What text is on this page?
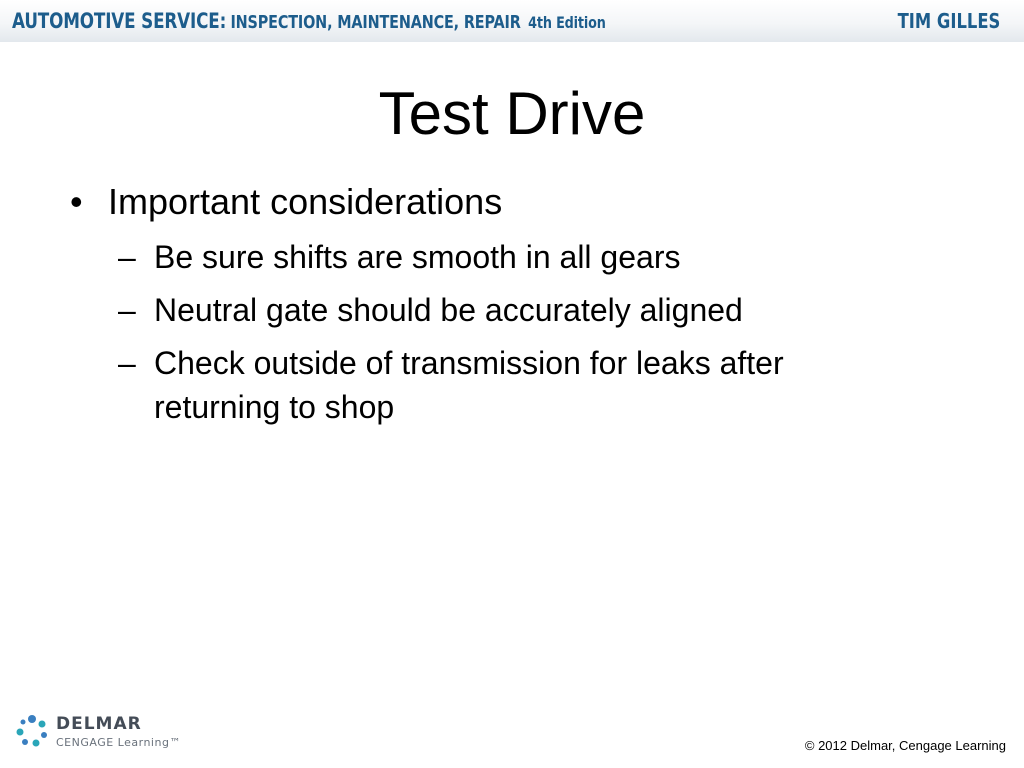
AUTOMOTIVE SERVICE: INSPECTION, MAINTENANCE, REPAIR 4th Edition	TIM GILLES
Test Drive
• Important considerations
– Be sure shifts are smooth in all gears
– Neutral gate should be accurately aligned
– Check outside of transmission for leaks after returning to shop
DELMAR
CENGAGE Learning™	© 2012 Delmar, Cengage Learning
